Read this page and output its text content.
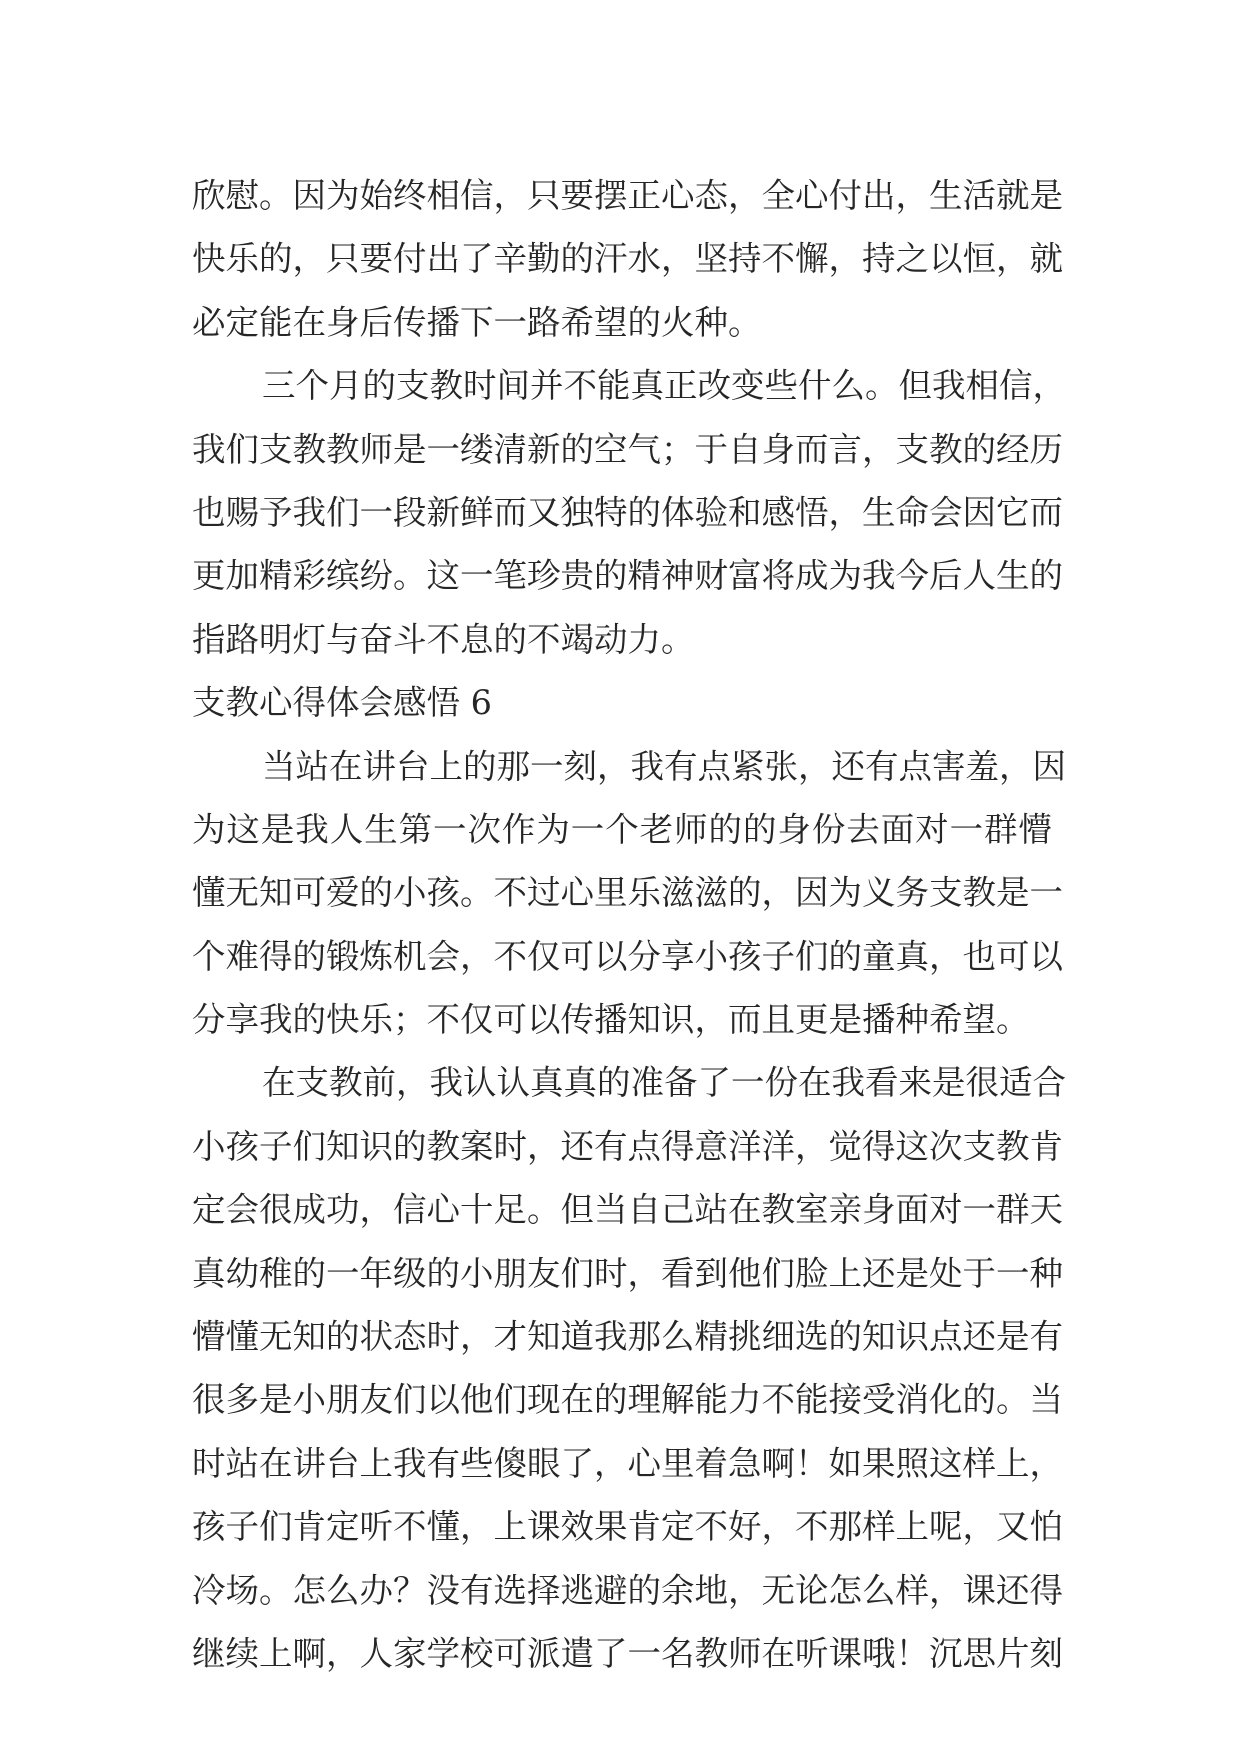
欣慰。因为始终相信，只要摆正心态，全心付出，生活就是
快乐的，只要付出了辛勤的汗水，坚持不懈，持之以恒，就
必定能在身后传播下一路希望的火种。
三个月的支教时间并不能真正改变些什么。但我相信，
我们支教教师是一缕清新的空气；于自身而言，支教的经历
也赐予我们一段新鲜而又独特的体验和感悟，生命会因它而
更加精彩缤纷。这一笔珍贵的精神财富将成为我今后人生的
指路明灯与奋斗不息的不竭动力。
支教心得体会感悟 6
当站在讲台上的那一刻，我有点紧张，还有点害羞，因
为这是我人生第一次作为一个老师的的身份去面对一群懵
懂无知可爱的小孩。不过心里乐滋滋的，因为义务支教是一
个难得的锻炼机会，不仅可以分享小孩子们的童真，也可以
分享我的快乐；不仅可以传播知识，而且更是播种希望。
在支教前，我认认真真的准备了一份在我看来是很适合
小孩子们知识的教案时，还有点得意洋洋，觉得这次支教肯
定会很成功，信心十足。但当自己站在教室亲身面对一群天
真幼稚的一年级的小朋友们时，看到他们脸上还是处于一种
懵懂无知的状态时，才知道我那么精挑细选的知识点还是有
很多是小朋友们以他们现在的理解能力不能接受消化的。当
时站在讲台上我有些傻眼了，心里着急啊！如果照这样上，
孩子们肯定听不懂，上课效果肯定不好，不那样上呢，又怕
冷场。怎么办？没有选择逃避的余地，无论怎么样，课还得
继续上啊，人家学校可派遣了一名教师在听课哦！沉思片刻
